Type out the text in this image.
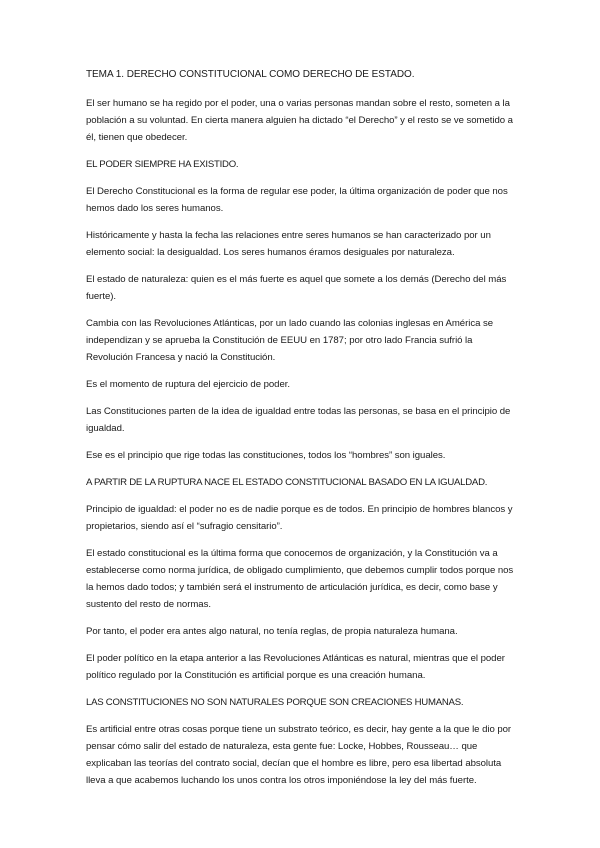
TEMA 1. DERECHO CONSTITUCIONAL COMO DERECHO DE ESTADO.

El ser humano se ha regido por el poder, una o varias personas mandan sobre el resto, someten a la población a su voluntad. En cierta manera alguien ha dictado “el Derecho” y el resto se ve sometido a él, tienen que obedecer.

EL PODER SIEMPRE HA EXISTIDO.

El Derecho Constitucional es la forma de regular ese poder, la última organización de poder que nos hemos dado los seres humanos.

Históricamente y hasta la fecha las relaciones entre seres humanos se han caracterizado por un elemento social: la desigualdad. Los seres humanos éramos desiguales por naturaleza.

El estado de naturaleza: quien es el más fuerte es aquel que somete a los demás (Derecho del más fuerte).

Cambia con las Revoluciones Atlánticas, por un lado cuando las colonias inglesas en América se independizan y se aprueba la Constitución de EEUU en 1787; por otro lado Francia sufrió la Revolución Francesa y nació la Constitución.

Es el momento de ruptura del ejercicio de poder.

Las Constituciones parten de la idea de igualdad entre todas las personas, se basa en el principio de igualdad.

Ese es el principio que rige todas las constituciones, todos los “hombres” son iguales.

A PARTIR DE LA RUPTURA NACE EL ESTADO CONSTITUCIONAL BASADO EN LA IGUALDAD.

Principio de igualdad: el poder no es de nadie porque es de todos. En principio de hombres blancos y propietarios, siendo así el “sufragio censitario”.

El estado constitucional es la última forma que conocemos de organización, y la Constitución va a establecerse como norma jurídica, de obligado cumplimiento, que debemos cumplir todos porque nos la hemos dado todos; y también será el instrumento de articulación jurídica, es decir, como base y sustento del resto de normas.

Por tanto, el poder era antes algo natural, no tenía reglas, de propia naturaleza humana.

El poder político en la etapa anterior a las Revoluciones Atlánticas es natural, mientras que el poder político regulado por la Constitución es artificial porque es una creación humana.

LAS CONSTITUCIONES NO SON NATURALES PORQUE SON CREACIONES HUMANAS.

Es artificial entre otras cosas porque tiene un substrato teórico, es decir, hay gente a la que le dio por pensar cómo salir del estado de naturaleza, esta gente fue: Locke, Hobbes, Rousseau… que explicaban las teorías del contrato social, decían que el hombre es libre, pero esa libertad absoluta lleva a que acabemos luchando los unos contra los otros imponiéndose la ley del más fuerte.
